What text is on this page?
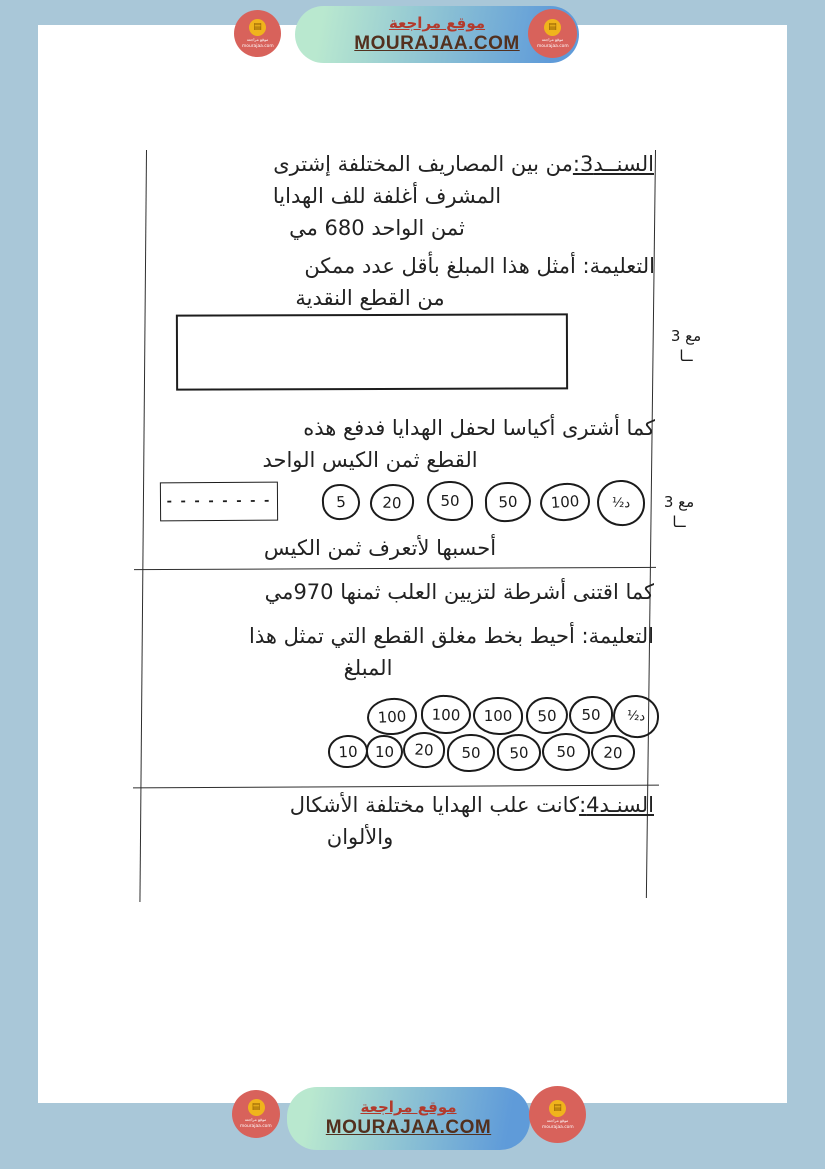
▤
موقع مراجعة
mourajaa.com
موقع مراجعة
MOURAJAA.COM
▤
موقع مراجعة
mourajaa.com
السنــد3:من بين المصاريف المختلفة إشترى
المشرف أغلفة للف الهدايا
ثمن الواحد 680 مي
التعليمة: أمثل هذا المبلغ بأقل عدد ممكن
من القطع النقدية
مع 3
ــا
كما أشترى أكياسا لحفل الهدايا فدفع هذه
القطع ثمن الكيس الواحد
- - - - - - - -	5	20	50	50	100	د½	مع 3
ــا
أحسبها لأتعرف ثمن الكيس
كما اقتنى أشرطة لتزيين العلب ثمنها 970مي
التعليمة: أحيط بخط مغلق القطع التي تمثل هذا
المبلغ
100	100	100	50	50	د½
10	10	20	50	50	50	20
السنـد4:كانت علب الهدايا مختلفة الأشكال
والألوان
▤
موقع مراجعة
mourajaa.com
موقع مراجعة
MOURAJAA.COM
▤
موقع مراجعة
mourajaa.com
